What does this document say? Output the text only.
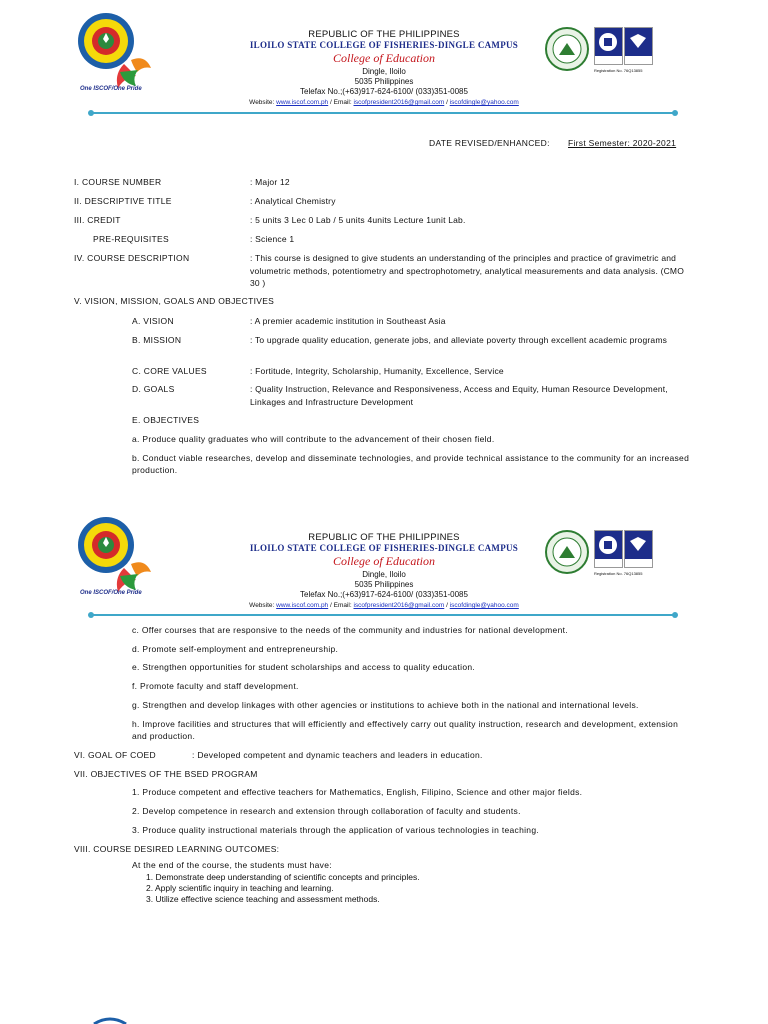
One ISCOF/One Pride
REPUBLIC OF THE PHILIPPINES
ILOILO STATE COLLEGE OF FISHERIES-DINGLE CAMPUS
College of Education
Dingle, Iloilo
5035 Philippines
Telefax No.;(+63)917-624-6100/ (033)351-0085
Website: www.iscof.com.ph / Email: iscofpresident2016@gmail.com / iscofdingle@yahoo.com
Registration No. 76Q13855
DATE REVISED/ENHANCED: First Semester: 2020-2021
I. COURSE NUMBER	: Major 12
II. DESCRIPTIVE TITLE	: Analytical Chemistry
III. CREDIT	: 5 units 3 Lec 0 Lab / 5 units 4units Lecture 1unit Lab.
PRE-REQUISITES	: Science 1
IV. COURSE DESCRIPTION	: This course is designed to give students an understanding of the principles and practice of gravimetric and volumetric methods, potentiometry and spectrophotometry, analytical measurements and data analysis. (CMO 30 )
V. VISION, MISSION, GOALS AND OBJECTIVES
A. VISION	: A premier academic institution in Southeast Asia
B. MISSION	: To upgrade quality education, generate jobs, and alleviate poverty through excellent academic programs
C. CORE VALUES	: Fortitude, Integrity, Scholarship, Humanity, Excellence, Service
D. GOALS	: Quality Instruction, Relevance and Responsiveness, Access and Equity, Human Resource Development, Linkages and Infrastructure Development
E. OBJECTIVES
a. Produce quality graduates who will contribute to the advancement of their chosen field.
b. Conduct viable researches, develop and disseminate technologies, and provide technical assistance to the community for an increased production.
One ISCOF/One Pride
REPUBLIC OF THE PHILIPPINES
ILOILO STATE COLLEGE OF FISHERIES-DINGLE CAMPUS
College of Education
Dingle, Iloilo
5035 Philippines
Telefax No.;(+63)917-624-6100/ (033)351-0085
Website: www.iscof.com.ph / Email: iscofpresident2016@gmail.com / iscofdingle@yahoo.com
Registration No. 76Q13855
c. Offer courses that are responsive to the needs of the community and industries for national development.
d. Promote self-employment and entrepreneurship.
e. Strengthen opportunities for student scholarships and access to quality education.
f. Promote faculty and staff development.
g. Strengthen and develop linkages with other agencies or institutions to achieve both in the national and international levels.
h. Improve facilities and structures that will efficiently and effectively carry out quality instruction, research and development, extension and production.
VI. GOAL OF COED	: Developed competent and dynamic teachers and leaders in education.
VII. OBJECTIVES OF THE BSED PROGRAM
1. Produce competent and effective teachers for Mathematics, English, Filipino, Science and other major fields.
2. Develop competence in research and extension through collaboration of faculty and students.
3. Produce quality instructional materials through the application of various technologies in teaching.
VIII. COURSE DESIRED LEARNING OUTCOMES:
At the end of the course, the students must have:
1. Demonstrate deep understanding of scientific concepts and principles.
2. Apply scientific inquiry in teaching and learning.
3. Utilize effective science teaching and assessment methods.
